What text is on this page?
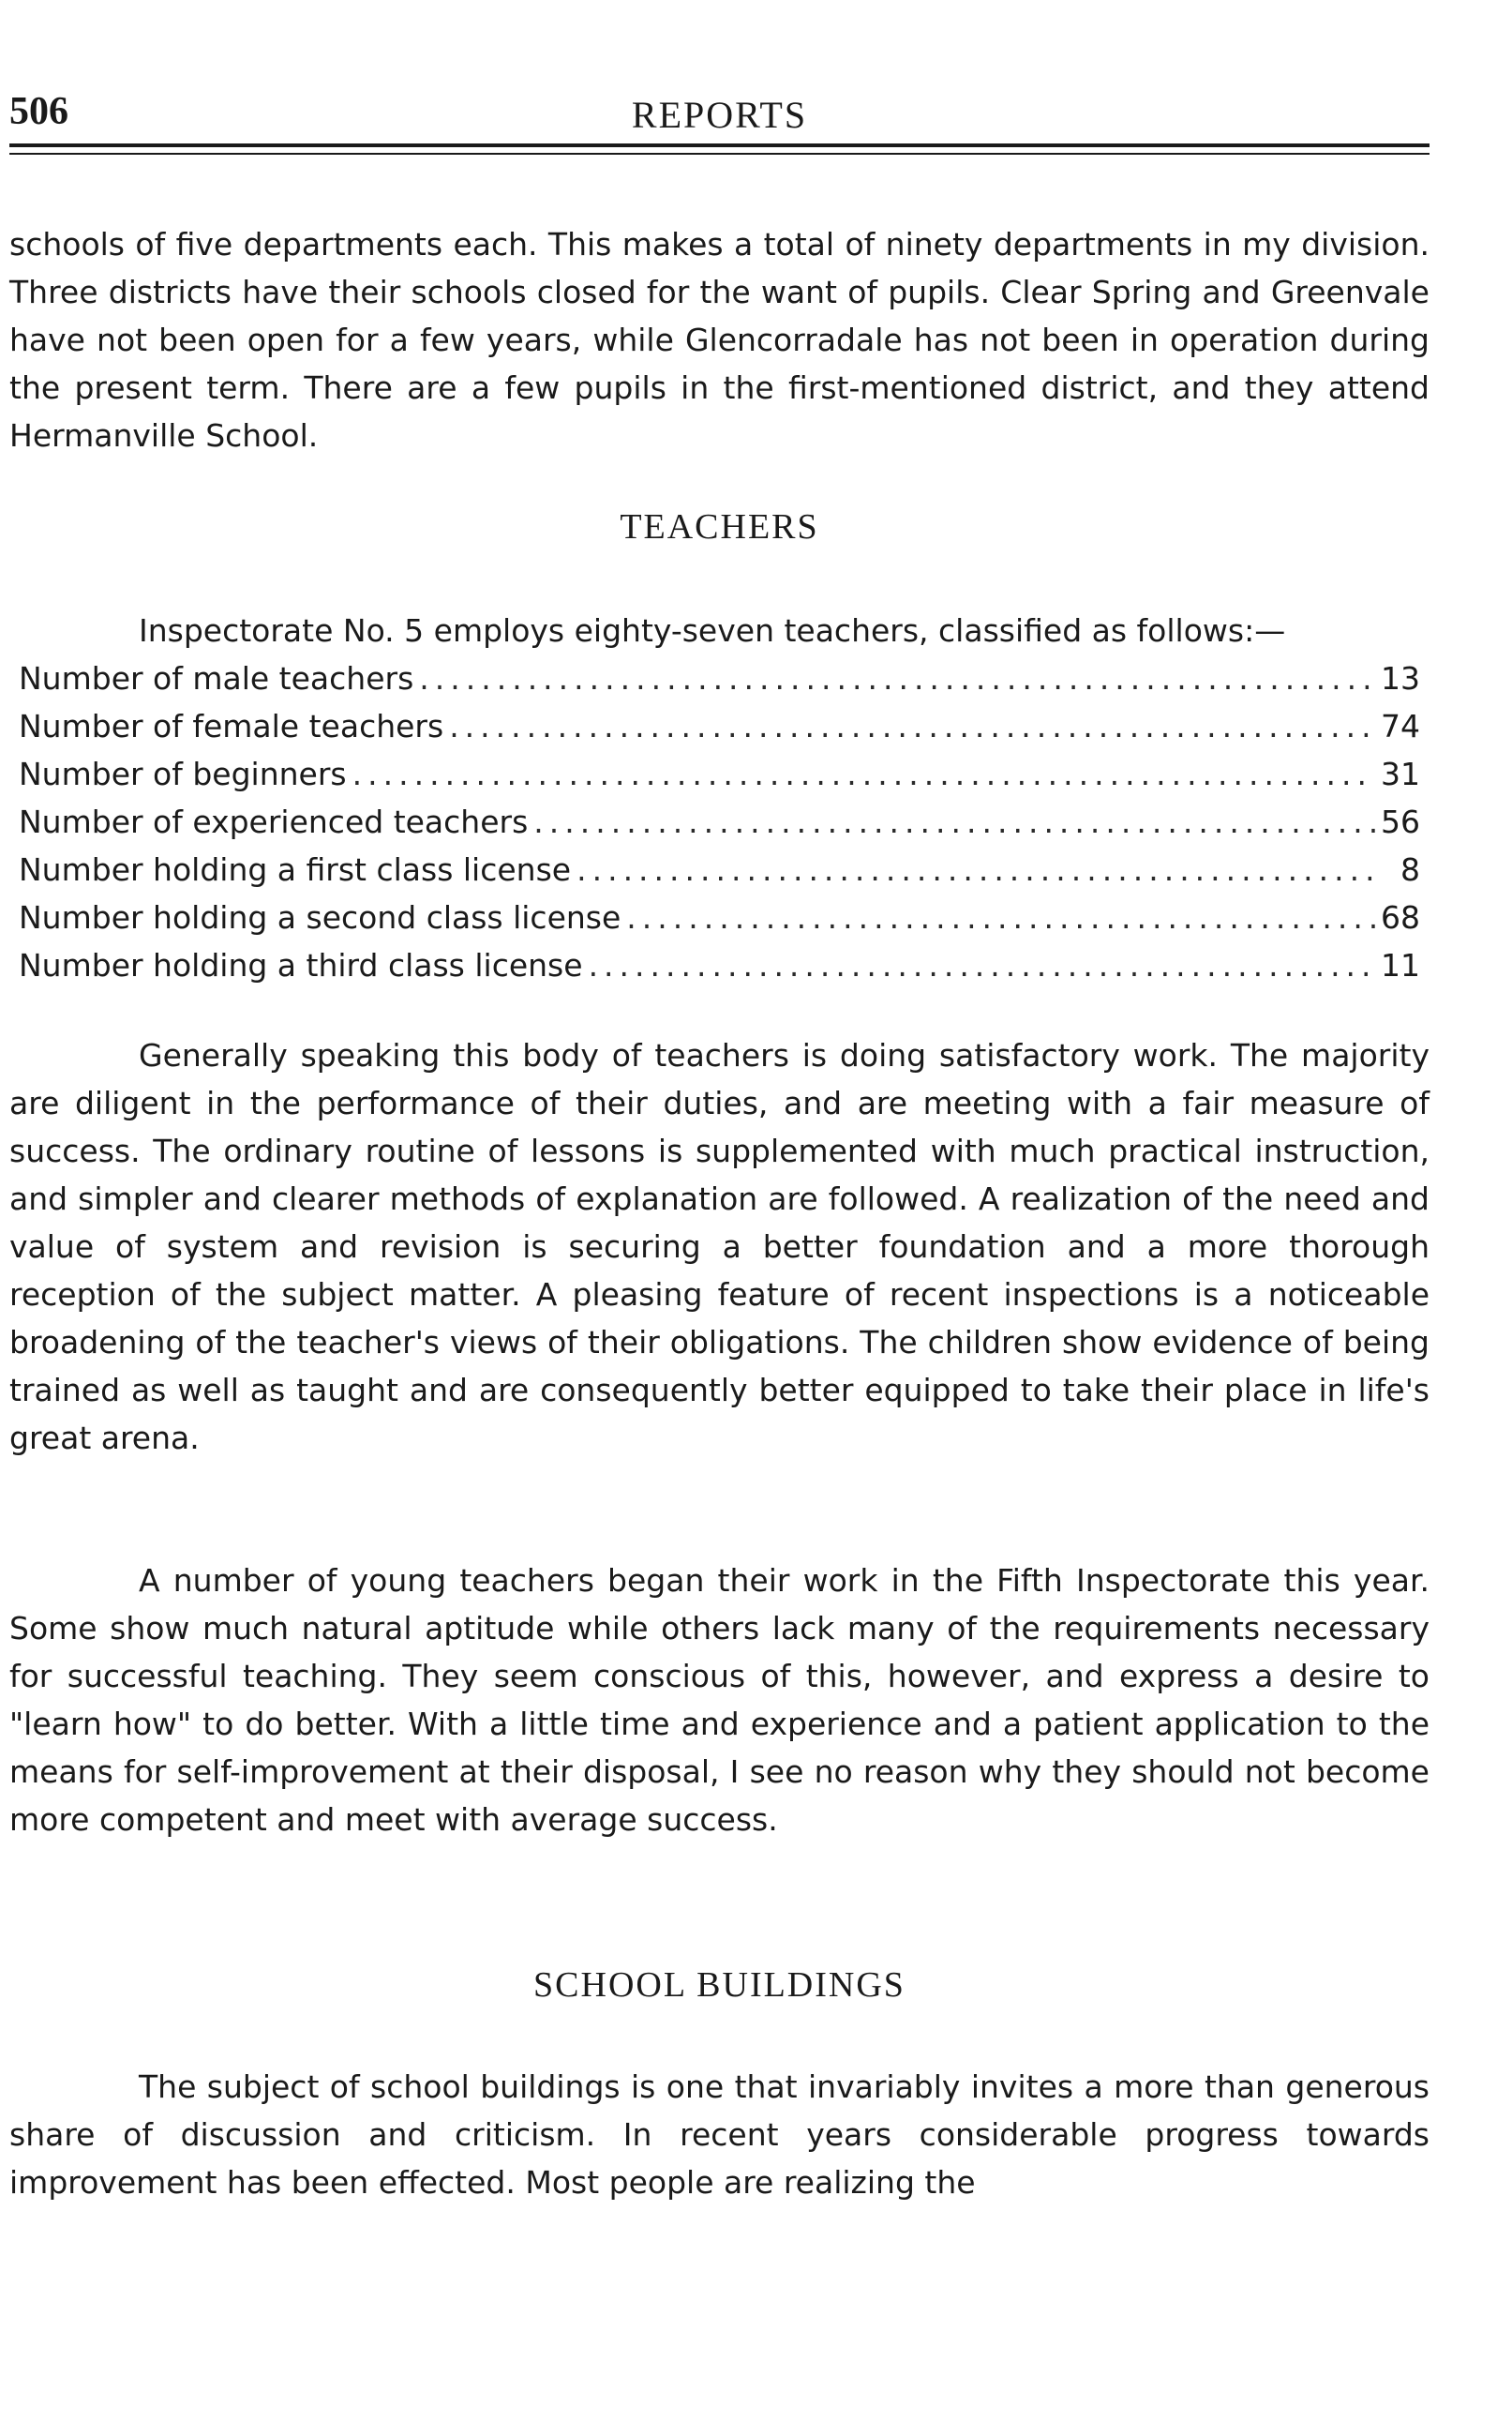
506	REPORTS

schools of five departments each. This makes a total of ninety departments in my division. Three districts have their schools closed for the want of pupils. Clear Spring and Greenvale have not been open for a few years, while Glencorradale has not been in operation during the present term. There are a few pupils in the first-mentioned district, and they attend Hermanville School.

TEACHERS
Inspectorate No. 5 employs eighty-seven teachers, classified as follows:—
Number of male teachers .....	13
Number of female teachers .....	74
Number of beginners .....	31
Number of experienced teachers .....	56
Number holding a first class license .....	8
Number holding a second class license .....	68
Number holding a third class license .....	11

Generally speaking this body of teachers is doing satisfactory work. The majority are diligent in the performance of their duties, and are meeting with a fair measure of success. The ordinary routine of lessons is supplemented with much practical instruction, and simpler and clearer methods of explanation are followed. A realization of the need and value of system and revision is securing a better foundation and a more thorough reception of the subject matter. A pleasing feature of recent inspections is a noticeable broadening of the teacher's views of their obligations. The children show evidence of being trained as well as taught and are consequently better equipped to take their place in life's great arena.

A number of young teachers began their work in the Fifth Inspectorate this year. Some show much natural aptitude while others lack many of the requirements necessary for successful teaching. They seem conscious of this, however, and express a desire to "learn how" to do better. With a little time and experience and a patient application to the means for self-improvement at their disposal, I see no reason why they should not become more competent and meet with average success.

SCHOOL BUILDINGS

The subject of school buildings is one that invariably invites a more than generous share of discussion and criticism. In recent years considerable progress towards improvement has been effected. Most people are realizing the
